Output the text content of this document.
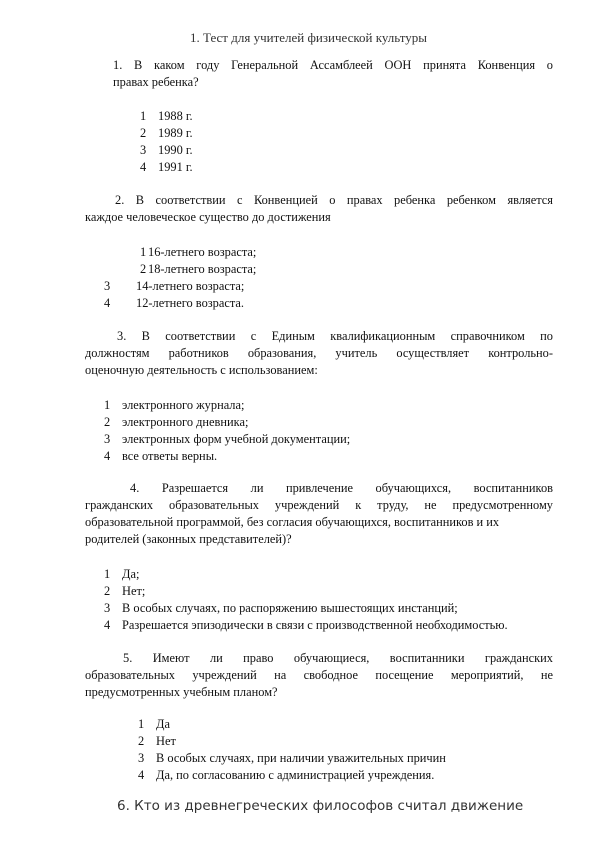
1. Тест для учителей физической культуры
1. В каком году Генеральной Ассамблеей ООН принята Конвенция о
правах ребенка?
1 1988 г.
2 1989 г.
3 1990 г.
4 1991 г.
2. В соответствии с Конвенцией о правах ребенка ребенком является
каждое человеческое существо до достижения
1 16-летнего возраста;
2 18-летнего возраста;
3 14-летнего возраста;
4 12-летнего возраста.
3. В соответствии с Единым квалификационным справочником по
должностям работников образования, учитель осуществляет контрольно-
оценочную деятельность с использованием:
1 электронного журнала;
2 электронного дневника;
3 электронных форм учебной документации;
4 все ответы верны.
4. Разрешается ли привлечение обучающихся, воспитанников
гражданских образовательных учреждений к труду, не предусмотренному
образовательной программой, без согласия обучающихся, воспитанников и их
родителей (законных представителей)?
1 Да;
2 Нет;
3 В особых случаях, по распоряжению вышестоящих инстанций;
4 Разрешается эпизодически в связи с производственной необходимостью.
5. Имеют ли право обучающиеся, воспитанники гражданских
образовательных учреждений на свободное посещение мероприятий, не
предусмотренных учебным планом?
1 Да
2 Нет
3 В особых случаях, при наличии уважительных причин
4 Да, по согласованию с администрацией учреждения.
6. Кто из древнегреческих философов считал движение
